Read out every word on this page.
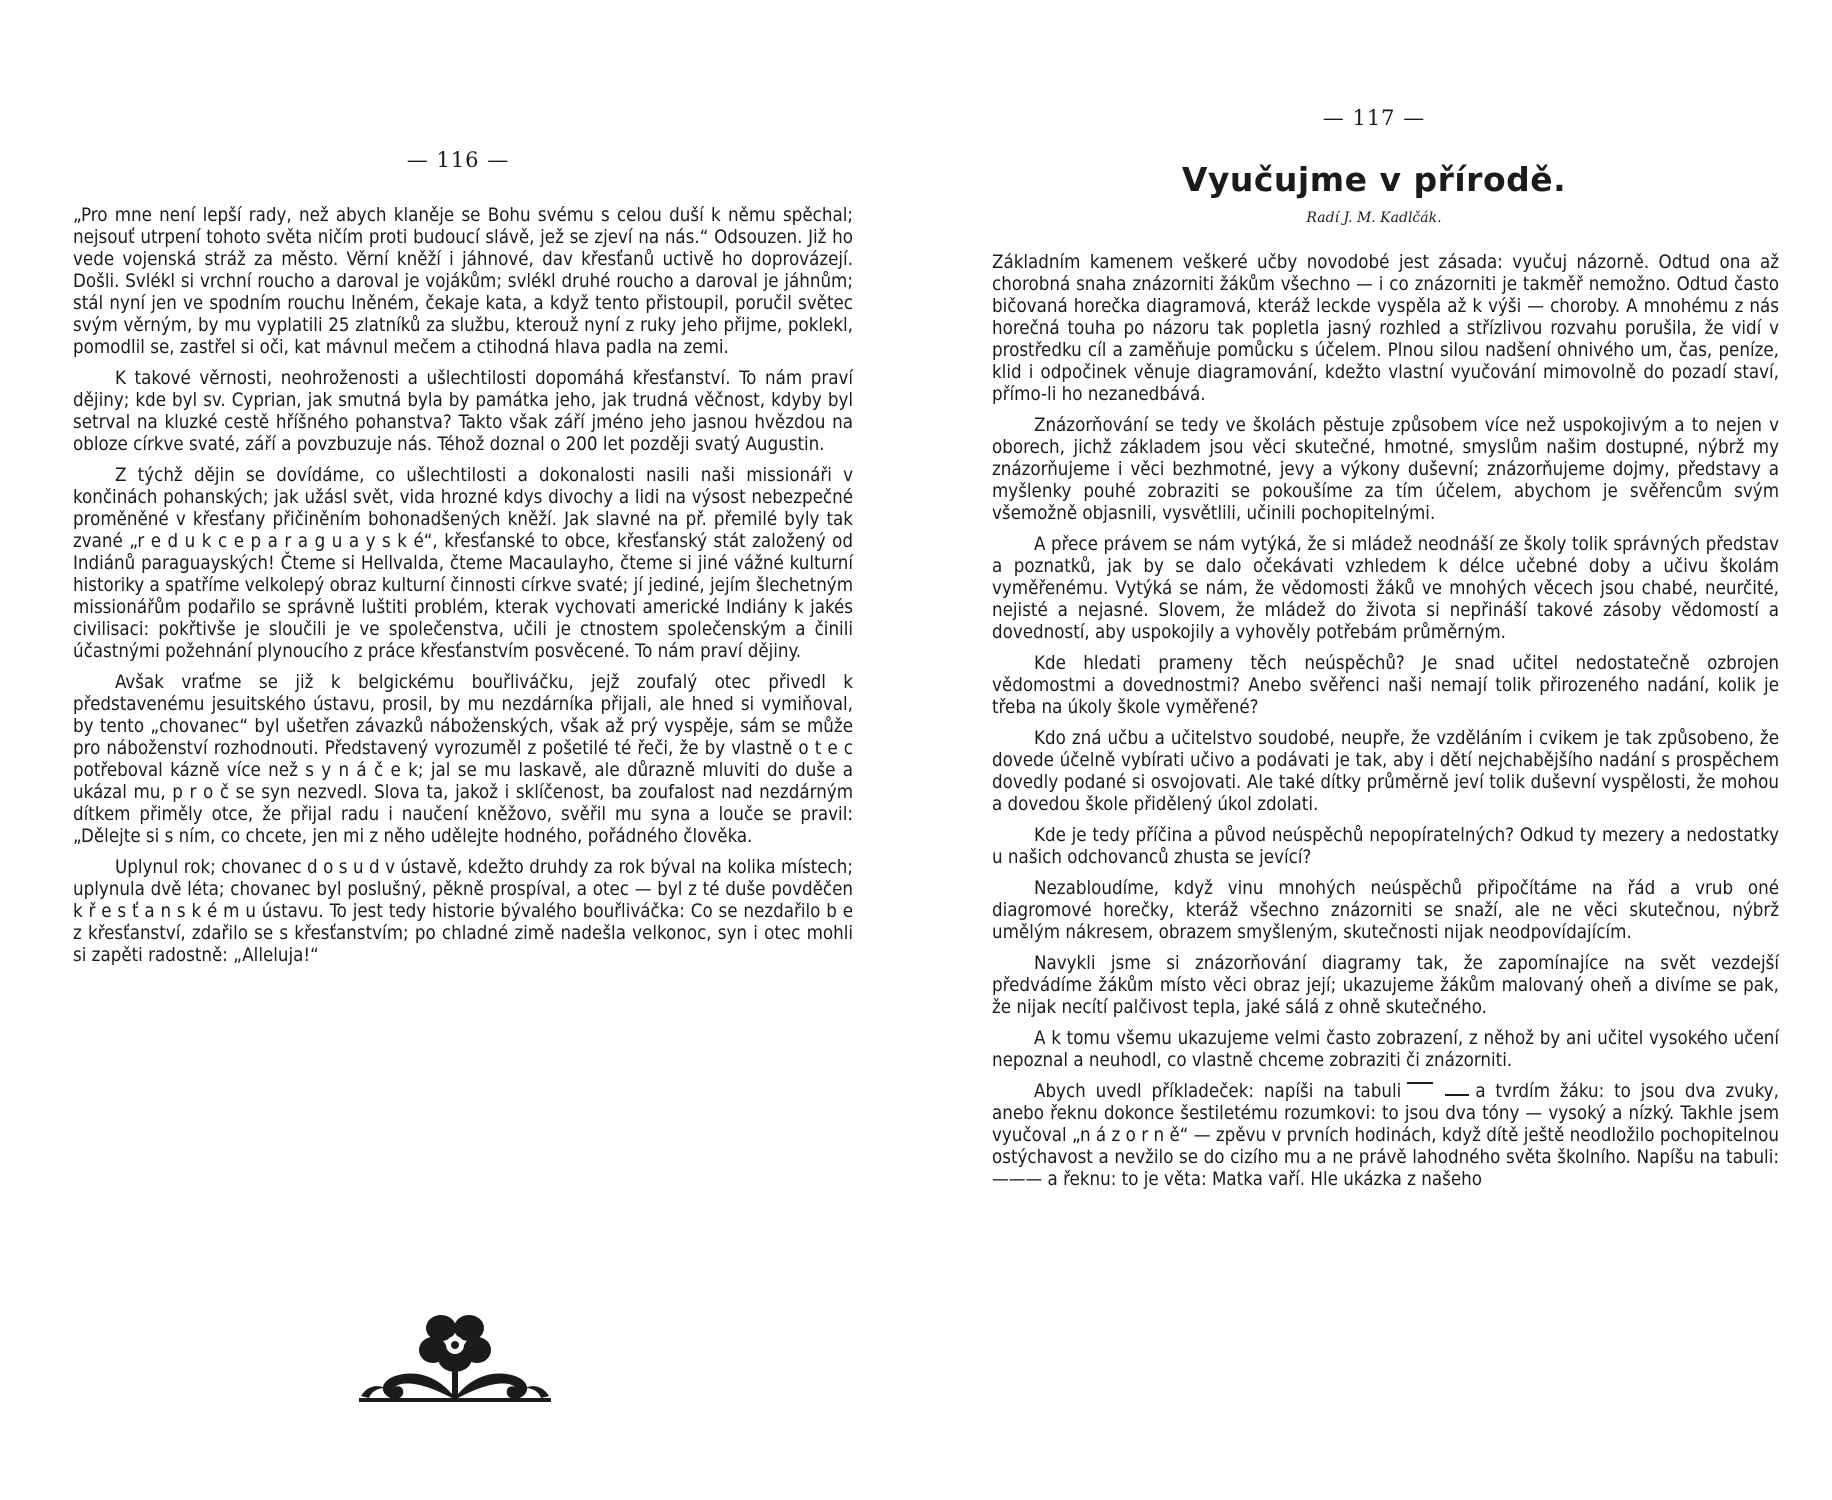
— 116 —

„Pro mne není lepší rady, než abych klaněje se Bohu svému s celou duší k němu spěchal; nejsouť utrpení tohoto světa ničím proti budoucí slávě, jež se zjeví na nás.“ Odsouzen. Již ho vede vojenská stráž za město. Věrní kněží i jáhnové, dav křesťanů uctivě ho doprovázejí. Došli. Svlékl si vrchní roucho a daroval je vojákům; svlékl druhé roucho a daroval je jáhnům; stál nyní jen ve spodním rouchu lněném, čekaje kata, a když tento přistoupil, poručil světec svým věrným, by mu vyplatili 25 zlatníků za službu, kterouž nyní z ruky jeho přijme, poklekl, pomodlil se, zastřel si oči, kat mávnul mečem a ctihodná hlava padla na zemi.

K takové věrnosti, neohroženosti a ušlechtilosti dopomáhá křesťanství. To nám praví dějiny; kde byl sv. Cyprian, jak smutná byla by památka jeho, jak trudná věčnost, kdyby byl setrval na kluzké cestě hříšného pohanstva? Takto však září jméno jeho jasnou hvězdou na obloze církve svaté, září a povzbuzuje nás. Téhož doznal o 200 let později svatý Augustin.

Z týchž dějin se dovídáme, co ušlechtilosti a dokonalosti nasili naši missionáři v končinách pohanských; jak užásl svět, vida hrozné kdys divochy a lidi na výsost nebezpečné proměněné v křesťany přičiněním bohonadšených kněží. Jak slavné na př. přemilé byly tak zvané „r e d u k c e p a r a g u a y s k é“, křesťanské to obce, křesťanský stát založený od Indiánů paraguayských! Čteme si Hellvalda, čteme Macaulayho, čteme si jiné vážné kulturní historiky a spatříme velkolepý obraz kulturní činnosti církve svaté; jí jediné, jejím šlechetným missionářům podařilo se správně luštiti problém, kterak vychovati americké Indiány k jakés civilisaci: pokřtivše je sloučili je ve společenstva, učili je ctnostem společenským a činili účastnými požehnání plynoucího z práce křesťanstvím posvěcené. To nám praví dějiny.

Avšak vraťme se již k belgickému bouřliváčku, jejž zoufalý otec přivedl k představenému jesuitského ústavu, prosil, by mu nezdárníka přijali, ale hned si vymiňoval, by tento „chovanec“ byl ušetřen závazků náboženských, však až prý vyspěje, sám se může pro náboženství rozhodnouti. Představený vyrozuměl z pošetilé té řeči, že by vlastně o t e c potřeboval kázně více než s y n á č e k; jal se mu laskavě, ale důrazně mluviti do duše a ukázal mu, p r o č se syn nezvedl. Slova ta, jakož i sklíčenost, ba zoufalost nad nezdárným dítkem přiměly otce, že přijal radu i naučení kněžovo, svěřil mu syna a louče se pravil: „Dělejte si s ním, co chcete, jen mi z něho udělejte hodného, pořádného člověka.

Uplynul rok; chovanec d o s u d v ústavě, kdežto druhdy za rok býval na kolika místech; uplynula dvě léta; chovanec byl poslušný, pěkně prospíval, a otec — byl z té duše povděčen k ř e s ť a n s k é m u ústavu. To jest tedy historie bývalého bouřliváčka: Co se nezdařilo b e z křesťanství, zdařilo se s křesťanstvím; po chladné zimě nadešla velkonoc, syn i otec mohli si zapěti radostně: „Alleluja!“

— 117 —
Vyučujme v přírodě.
Radí J. M. Kadlčák.

Základním kamenem veškeré učby novodobé jest zásada: vyučuj názorně. Odtud ona až chorobná snaha znázorniti žákům všechno — i co znázorniti je takměř nemožno. Odtud často bičovaná horečka diagramová, kteráž leckde vyspěla až k výši — choroby. A mnohému z nás horečná touha po názoru tak popletla jasný rozhled a střízlivou rozvahu porušila, že vidí v prostředku cíl a zaměňuje pomůcku s účelem. Plnou silou nadšení ohnivého um, čas, peníze, klid i odpočinek věnuje diagramování, kdežto vlastní vyučování mimovolně do pozadí staví, přímo-li ho nezanedbává.

Znázorňování se tedy ve školách pěstuje způsobem více než uspokojivým a to nejen v oborech, jichž základem jsou věci skutečné, hmotné, smyslům našim dostupné, nýbrž my znázorňujeme i věci bezhmotné, jevy a výkony duševní; znázorňujeme dojmy, představy a myšlenky pouhé zobraziti se pokoušíme za tím účelem, abychom je svěřencům svým všemožně objasnili, vysvětlili, učinili pochopitelnými.

A přece právem se nám vytýká, že si mládež neodnáší ze školy tolik správných představ a poznatků, jak by se dalo očekávati vzhledem k délce učebné doby a učivu školám vyměřenému. Vytýká se nám, že vědomosti žáků ve mnohých věcech jsou chabé, neurčité, nejisté a nejasné. Slovem, že mládež do života si nepřináší takové zásoby vědomostí a dovedností, aby uspokojily a vyhověly potřebám průměrným.

Kde hledati prameny těch neúspěchů? Je snad učitel nedostatečně ozbrojen vědomostmi a dovednostmi? Anebo svěřenci naši nemají tolik přirozeného nadání, kolik je třeba na úkoly škole vyměřené?

Kdo zná učbu a učitelstvo soudobé, neupře, že vzděláním i cvikem je tak způsobeno, že dovede účelně vybírati učivo a podávati je tak, aby i dětí nejchabějšího nadání s prospěchem dovedly podané si osvojovati. Ale také dítky průměrně jeví tolik duševní vyspělosti, že mohou a dovedou škole přidělený úkol zdolati.

Kde je tedy příčina a původ neúspěchů nepopíratelných? Odkud ty mezery a nedostatky u našich odchovanců zhusta se jevící?

Nezabloudíme, když vinu mnohých neúspěchů připočítáme na řád a vrub oné diagromové horečky, kteráž všechno znázorniti se snaží, ale ne věci skutečnou, nýbrž umělým nákresem, obrazem smyšleným, skutečnosti nijak neodpovídajícím.

Navykli jsme si znázorňování diagramy tak, že zapomínajíce na svět vezdejší předvádíme žákům místo věci obraz její; ukazujeme žákům malovaný oheň a divíme se pak, že nijak necítí palčivost tepla, jaké sálá z ohně skutečného.

A k tomu všemu ukazujeme velmi často zobrazení, z něhož by ani učitel vysokého učení nepoznal a neuhodl, co vlastně chceme zobraziti či znázorniti.

Abych uvedl příkladeček: napíši na tabuli	a tvrdím žáku: to jsou dva zvuky, anebo řeknu dokonce šestiletému rozumkovi: to jsou dva tóny — vysoký a nízký. Takhle jsem vyučoval „n á z o r n ě“ — zpěvu v prvních hodinách, když dítě ještě neodložilo pochopitelnou ostýchavost a nevžilo se do cizího mu a ne právě lahodného světa školního. Napíšu na tabuli: ——— a řeknu: to je věta: Matka vaří. Hle ukázka z našeho
